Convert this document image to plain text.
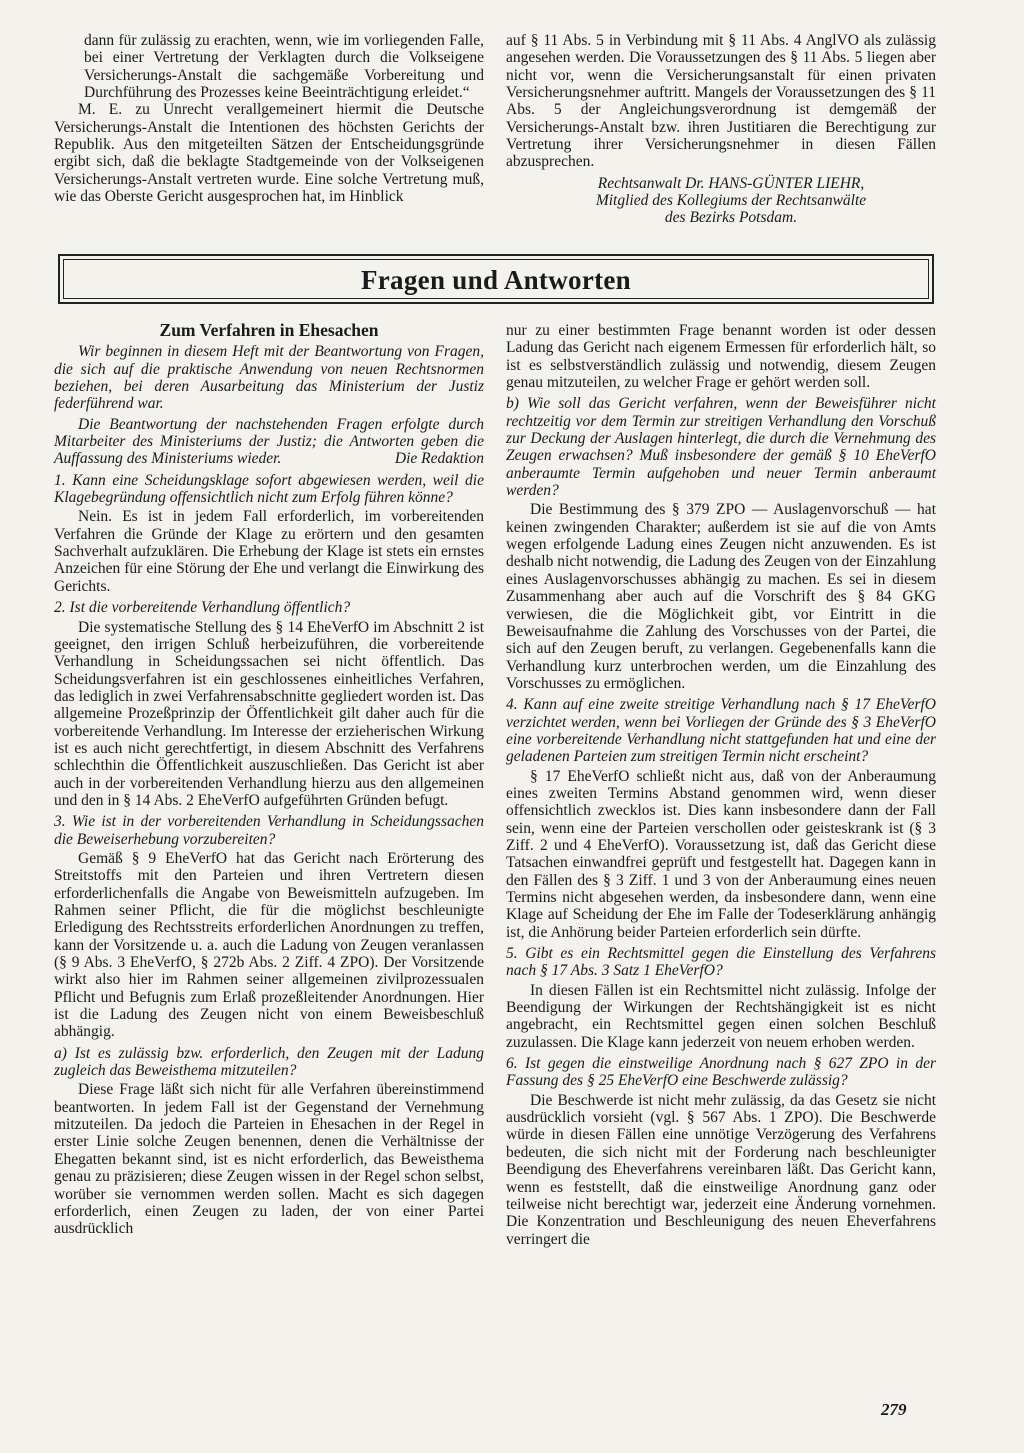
dann für zulässig zu erachten, wenn, wie im vorliegenden Falle, bei einer Vertretung der Verklagten durch die Volkseigene Versicherungs-Anstalt die sachgemäße Vorbereitung und Durchführung des Prozesses keine Beeinträchtigung erleidet.“

M. E. zu Unrecht verallgemeinert hiermit die Deutsche Versicherungs-Anstalt die Intentionen des höchsten Gerichts der Republik. Aus den mitgeteilten Sätzen der Entscheidungsgründe ergibt sich, daß die beklagte Stadtgemeinde von der Volkseigenen Versicherungs-Anstalt vertreten wurde. Eine solche Vertretung muß, wie das Oberste Gericht ausgesprochen hat, im Hinblick

auf § 11 Abs. 5 in Verbindung mit § 11 Abs. 4 AnglVO als zulässig angesehen werden. Die Voraussetzungen des § 11 Abs. 5 liegen aber nicht vor, wenn die Versicherungsanstalt für einen privaten Versicherungsnehmer auftritt. Mangels der Voraussetzungen des § 11 Abs. 5 der Angleichungsverordnung ist demgemäß der Versicherungs-Anstalt bzw. ihren Justitiaren die Berechtigung zur Vertretung ihrer Versicherungsnehmer in diesen Fällen abzusprechen.

Rechtsanwalt Dr. HANS-GÜNTER LIEHR,
Mitglied des Kollegiums der Rechtsanwälte
des Bezirks Potsdam.
Fragen und Antworten
Zum Verfahren in Ehesachen

Wir beginnen in diesem Heft mit der Beantwortung von Fragen, die sich auf die praktische Anwendung von neuen Rechtsnormen beziehen, bei deren Ausarbeitung das Ministerium der Justiz federführend war.

Die Beantwortung der nachstehenden Fragen erfolgte durch Mitarbeiter des Ministeriums der Justiz; die Antworten geben die Auffassung des Ministeriums wieder.	Die Redaktion

1. Kann eine Scheidungsklage sofort abgewiesen werden, weil die Klagebegründung offensichtlich nicht zum Erfolg führen könne?

Nein. Es ist in jedem Fall erforderlich, im vorbereitenden Verfahren die Gründe der Klage zu erörtern und den gesamten Sachverhalt aufzuklären. Die Erhebung der Klage ist stets ein ernstes Anzeichen für eine Störung der Ehe und verlangt die Einwirkung des Gerichts.

2. Ist die vorbereitende Verhandlung öffentlich?

Die systematische Stellung des § 14 EheVerfO im Abschnitt 2 ist geeignet, den irrigen Schluß herbeizuführen, die vorbereitende Verhandlung in Scheidungssachen sei nicht öffentlich. Das Scheidungsverfahren ist ein geschlossenes einheitliches Verfahren, das lediglich in zwei Verfahrensabschnitte gegliedert worden ist. Das allgemeine Prozeßprinzip der Öffentlichkeit gilt daher auch für die vorbereitende Verhandlung. Im Interesse der erzieherischen Wirkung ist es auch nicht gerechtfertigt, in diesem Abschnitt des Verfahrens schlechthin die Öffentlichkeit auszuschließen. Das Gericht ist aber auch in der vorbereitenden Verhandlung hierzu aus den allgemeinen und den in § 14 Abs. 2 EheVerfO aufgeführten Gründen befugt.

3. Wie ist in der vorbereitenden Verhandlung in Scheidungssachen die Beweiserhebung vorzubereiten?

Gemäß § 9 EheVerfO hat das Gericht nach Erörterung des Streitstoffs mit den Parteien und ihren Vertretern diesen erforderlichenfalls die Angabe von Beweismitteln aufzugeben. Im Rahmen seiner Pflicht, die für die möglichst beschleunigte Erledigung des Rechtsstreits erforderlichen Anordnungen zu treffen, kann der Vorsitzende u. a. auch die Ladung von Zeugen veranlassen (§ 9 Abs. 3 EheVerfO, § 272b Abs. 2 Ziff. 4 ZPO). Der Vorsitzende wirkt also hier im Rahmen seiner allgemeinen zivilprozessualen Pflicht und Befugnis zum Erlaß prozeßleitender Anordnungen. Hier ist die Ladung des Zeugen nicht von einem Beweisbeschluß abhängig.

a) Ist es zulässig bzw. erforderlich, den Zeugen mit der Ladung zugleich das Beweisthema mitzuteilen?

Diese Frage läßt sich nicht für alle Verfahren übereinstimmend beantworten. In jedem Fall ist der Gegenstand der Vernehmung mitzuteilen. Da jedoch die Parteien in Ehesachen in der Regel in erster Linie solche Zeugen benennen, denen die Verhältnisse der Ehegatten bekannt sind, ist es nicht erforderlich, das Beweisthema genau zu präzisieren; diese Zeugen wissen in der Regel schon selbst, worüber sie vernommen werden sollen. Macht es sich dagegen erforderlich, einen Zeugen zu laden, der von einer Partei ausdrücklich

nur zu einer bestimmten Frage benannt worden ist oder dessen Ladung das Gericht nach eigenem Ermessen für erforderlich hält, so ist es selbstverständlich zulässig und notwendig, diesem Zeugen genau mitzuteilen, zu welcher Frage er gehört werden soll.

b) Wie soll das Gericht verfahren, wenn der Beweisführer nicht rechtzeitig vor dem Termin zur streitigen Verhandlung den Vorschuß zur Deckung der Auslagen hinterlegt, die durch die Vernehmung des Zeugen erwachsen? Muß insbesondere der gemäß § 10 EheVerfO anberaumte Termin aufgehoben und neuer Termin anberaumt werden?

Die Bestimmung des § 379 ZPO — Auslagenvorschuß — hat keinen zwingenden Charakter; außerdem ist sie auf die von Amts wegen erfolgende Ladung eines Zeugen nicht anzuwenden. Es ist deshalb nicht notwendig, die Ladung des Zeugen von der Einzahlung eines Auslagenvorschusses abhängig zu machen. Es sei in diesem Zusammenhang aber auch auf die Vorschrift des § 84 GKG verwiesen, die die Möglichkeit gibt, vor Eintritt in die Beweisaufnahme die Zahlung des Vorschusses von der Partei, die sich auf den Zeugen beruft, zu verlangen. Gegebenenfalls kann die Verhandlung kurz unterbrochen werden, um die Einzahlung des Vorschusses zu ermöglichen.

4. Kann auf eine zweite streitige Verhandlung nach § 17 EheVerfO verzichtet werden, wenn bei Vorliegen der Gründe des § 3 EheVerfO eine vorbereitende Verhandlung nicht stattgefunden hat und eine der geladenen Parteien zum streitigen Termin nicht erscheint?

§ 17 EheVerfO schließt nicht aus, daß von der Anberaumung eines zweiten Termins Abstand genommen wird, wenn dieser offensichtlich zwecklos ist. Dies kann insbesondere dann der Fall sein, wenn eine der Parteien verschollen oder geisteskrank ist (§ 3 Ziff. 2 und 4 EheVerfO). Voraussetzung ist, daß das Gericht diese Tatsachen einwandfrei geprüft und festgestellt hat. Dagegen kann in den Fällen des § 3 Ziff. 1 und 3 von der Anberaumung eines neuen Termins nicht abgesehen werden, da insbesondere dann, wenn eine Klage auf Scheidung der Ehe im Falle der Todeserklärung anhängig ist, die Anhörung beider Parteien erforderlich sein dürfte.

5. Gibt es ein Rechtsmittel gegen die Einstellung des Verfahrens nach § 17 Abs. 3 Satz 1 EheVerfO?

In diesen Fällen ist ein Rechtsmittel nicht zulässig. Infolge der Beendigung der Wirkungen der Rechtshängigkeit ist es nicht angebracht, ein Rechtsmittel gegen einen solchen Beschluß zuzulassen. Die Klage kann jederzeit von neuem erhoben werden.

6. Ist gegen die einstweilige Anordnung nach § 627 ZPO in der Fassung des § 25 EheVerfO eine Beschwerde zulässig?

Die Beschwerde ist nicht mehr zulässig, da das Gesetz sie nicht ausdrücklich vorsieht (vgl. § 567 Abs. 1 ZPO). Die Beschwerde würde in diesen Fällen eine unnötige Verzögerung des Verfahrens bedeuten, die sich nicht mit der Forderung nach beschleunigter Beendigung des Eheverfahrens vereinbaren läßt. Das Gericht kann, wenn es feststellt, daß die einstweilige Anordnung ganz oder teilweise nicht berechtigt war, jederzeit eine Änderung vornehmen. Die Konzentration und Beschleunigung des neuen Eheverfahrens verringert die

279
